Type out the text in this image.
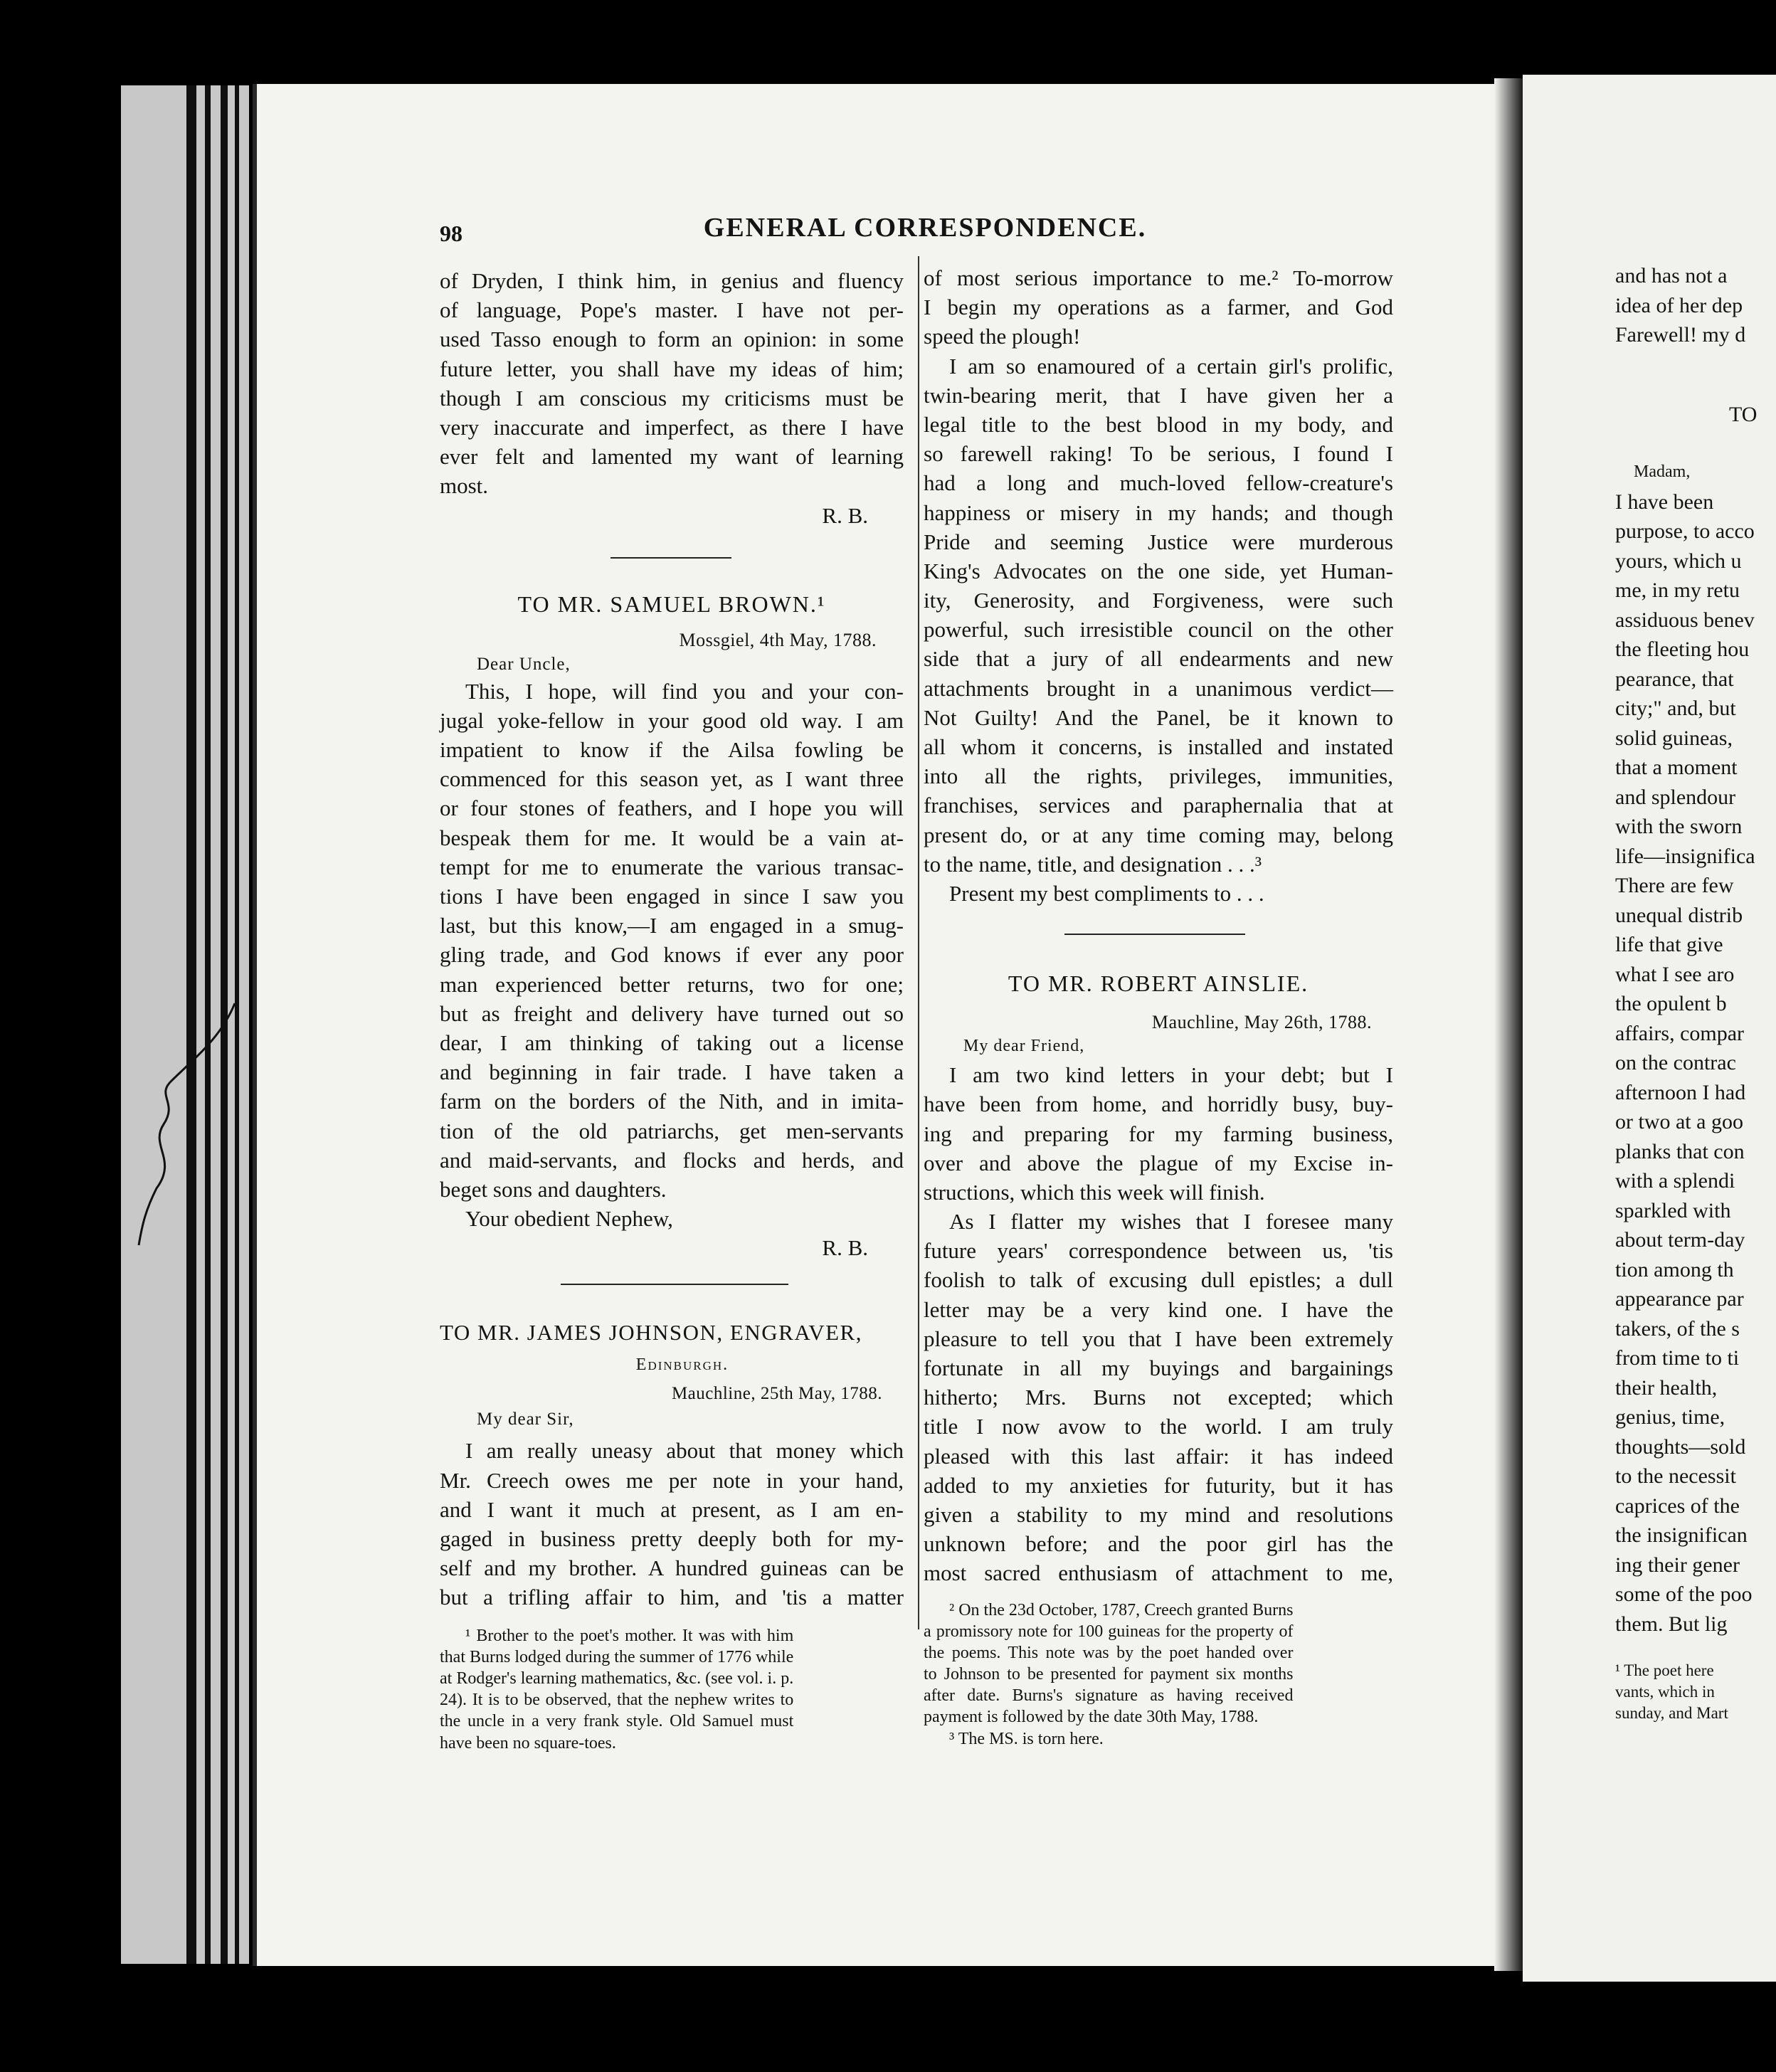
98	GENERAL CORRESPONDENCE.
of Dryden, I think him, in genius and fluency
of language, Pope's master. I have not per-
used Tasso enough to form an opinion: in some
future letter, you shall have my ideas of him;
though I am conscious my criticisms must be
very inaccurate and imperfect, as there I have
ever felt and lamented my want of learning
most.
R. B.
TO MR. SAMUEL BROWN.¹
Mossgiel, 4th May, 1788.
Dear Uncle,
This, I hope, will find you and your con-
jugal yoke-fellow in your good old way. I am
impatient to know if the Ailsa fowling be
commenced for this season yet, as I want three
or four stones of feathers, and I hope you will
bespeak them for me. It would be a vain at-
tempt for me to enumerate the various transac-
tions I have been engaged in since I saw you
last, but this know,—I am engaged in a smug-
gling trade, and God knows if ever any poor
man experienced better returns, two for one;
but as freight and delivery have turned out so
dear, I am thinking of taking out a license
and beginning in fair trade. I have taken a
farm on the borders of the Nith, and in imita-
tion of the old patriarchs, get men-servants
and maid-servants, and flocks and herds, and
beget sons and daughters.
Your obedient Nephew,
R. B.
TO MR. JAMES JOHNSON, ENGRAVER,
Edinburgh.
Mauchline, 25th May, 1788.
My dear Sir,
I am really uneasy about that money which
Mr. Creech owes me per note in your hand,
and I want it much at present, as I am en-
gaged in business pretty deeply both for my-
self and my brother. A hundred guineas can be
but a trifling affair to him, and 'tis a matter
¹ Brother to the poet's mother. It was with him
that Burns lodged during the summer of 1776 while
at Rodger's learning mathematics, &c. (see vol. i. p.
24). It is to be observed, that the nephew writes to
the uncle in a very frank style. Old Samuel must
have been no square-toes.
of most serious importance to me.² To-morrow
I begin my operations as a farmer, and God
speed the plough!
I am so enamoured of a certain girl's prolific,
twin-bearing merit, that I have given her a
legal title to the best blood in my body, and
so farewell raking! To be serious, I found I
had a long and much-loved fellow-creature's
happiness or misery in my hands; and though
Pride and seeming Justice were murderous
King's Advocates on the one side, yet Human-
ity, Generosity, and Forgiveness, were such
powerful, such irresistible council on the other
side that a jury of all endearments and new
attachments brought in a unanimous verdict—
Not Guilty! And the Panel, be it known to
all whom it concerns, is installed and instated
into all the rights, privileges, immunities,
franchises, services and paraphernalia that at
present do, or at any time coming may, belong
to the name, title, and designation . . .³
Present my best compliments to . . .
TO MR. ROBERT AINSLIE.
Mauchline, May 26th, 1788.
My dear Friend,
I am two kind letters in your debt; but I
have been from home, and horridly busy, buy-
ing and preparing for my farming business,
over and above the plague of my Excise in-
structions, which this week will finish.
As I flatter my wishes that I foresee many
future years' correspondence between us, 'tis
foolish to talk of excusing dull epistles; a dull
letter may be a very kind one. I have the
pleasure to tell you that I have been extremely
fortunate in all my buyings and bargainings
hitherto; Mrs. Burns not excepted; which
title I now avow to the world. I am truly
pleased with this last affair: it has indeed
added to my anxieties for futurity, but it has
given a stability to my mind and resolutions
unknown before; and the poor girl has the
most sacred enthusiasm of attachment to me,
² On the 23d October, 1787, Creech granted Burns
a promissory note for 100 guineas for the property of
the poems. This note was by the poet handed over
to Johnson to be presented for payment six months
after date. Burns's signature as having received
payment is followed by the date 30th May, 1788.
³ The MS. is torn here.
and has not a
idea of her dep
Farewell! my d
TO
Madam,
I have been
purpose, to acco
yours, which u
me, in my retu
assiduous benev
the fleeting hou
pearance, that
city;" and, but
solid guineas,
that a moment
and splendour
with the sworn
life—insignifica
There are few
unequal distrib
life that give
what I see aro
the opulent b
affairs, compar
on the contrac
afternoon I had
or two at a goo
planks that con
with a splendi
sparkled with
about term-day
tion among th
appearance par
takers, of the s
from time to ti
their health,
genius, time,
thoughts—sold
to the necessit
caprices of the
the insignifican
ing their gener
some of the poo
them. But lig
¹ The poet here
vants, which in
sunday, and Mart
